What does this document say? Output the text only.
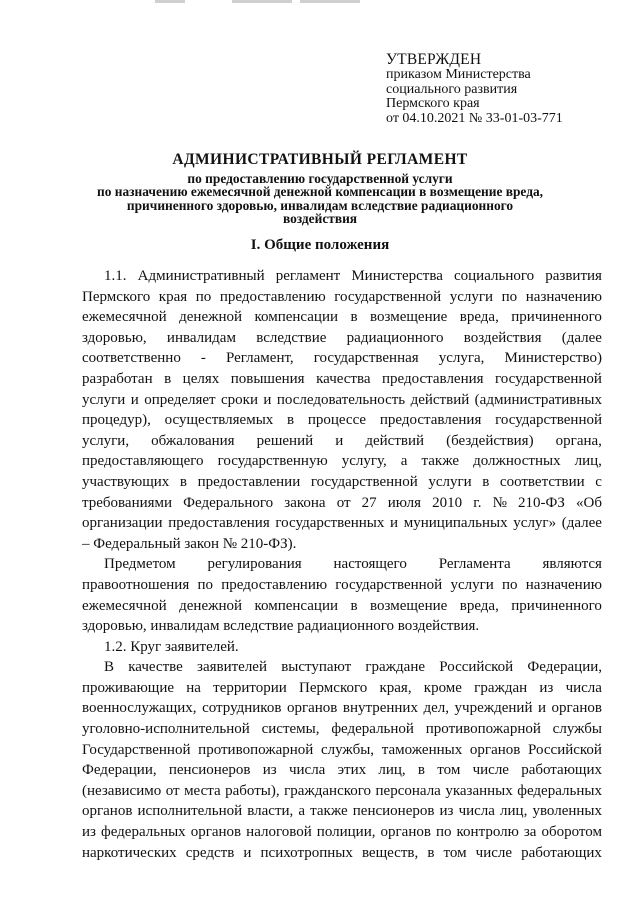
УТВЕРЖДЕН
приказом Министерства
социального развития
Пермского края
от 04.10.2021 № 33-01-03-771
АДМИНИСТРАТИВНЫЙ РЕГЛАМЕНТ
по предоставлению государственной услуги
по назначению ежемесячной денежной компенсации в возмещение вреда,
причиненного здоровью, инвалидам вследствие радиационного
воздействия
I. Общие положения
1.1. Административный регламент Министерства социального развития
Пермского края по предоставлению государственной услуги по назначению
ежемесячной денежной компенсации в возмещение вреда, причиненного
здоровью, инвалидам вследствие радиационного воздействия (далее
соответственно - Регламент, государственная услуга, Министерство)
разработан в целях повышения качества предоставления государственной
услуги и определяет сроки и последовательность действий (административных
процедур), осуществляемых в процессе предоставления государственной
услуги, обжалования решений и действий (бездействия) органа,
предоставляющего государственную услугу, а также должностных лиц,
участвующих в предоставлении государственной услуги в соответствии с
требованиями Федерального закона от 27 июля 2010 г. № 210-ФЗ «Об
организации предоставления государственных и муниципальных услуг» (далее
– Федеральный закон № 210-ФЗ).
Предметом регулирования настоящего Регламента являются
правоотношения по предоставлению государственной услуги по назначению
ежемесячной денежной компенсации в возмещение вреда, причиненного
здоровью, инвалидам вследствие радиационного воздействия.
1.2. Круг заявителей.
В качестве заявителей выступают граждане Российской Федерации,
проживающие на территории Пермского края, кроме граждан из числа
военнослужащих, сотрудников органов внутренних дел, учреждений и органов
уголовно-исполнительной системы, федеральной противопожарной службы
Государственной противопожарной службы, таможенных органов Российской
Федерации, пенсионеров из числа этих лиц, в том числе работающих
(независимо от места работы), гражданского персонала указанных федеральных
органов исполнительной власти, а также пенсионеров из числа лиц, уволенных
из федеральных органов налоговой полиции, органов по контролю за оборотом
наркотических средств и психотропных веществ, в том числе работающих
